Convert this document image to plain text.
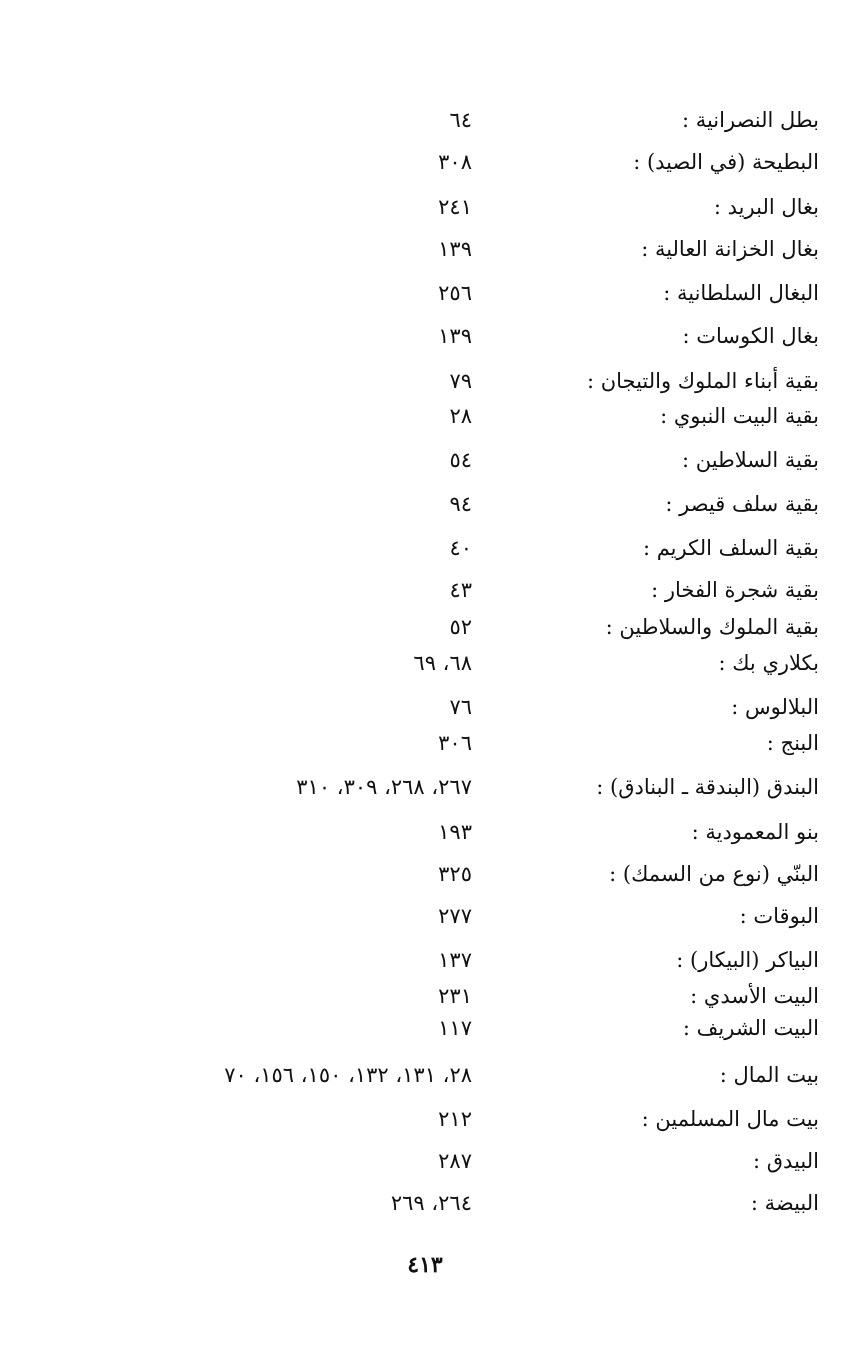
بطل النصرانية :
٦٤
البطيحة (في الصيد) :
٣٠٨
بغال البريد :
٢٤١
بغال الخزانة العالية :
١٣٩
البغال السلطانية :
٢٥٦
بغال الكوسات :
١٣٩
بقية أبناء الملوك والتيجان :
٧٩
بقية البيت النبوي :
٢٨
بقية السلاطين :
٥٤
بقية سلف قيصر :
٩٤
بقية السلف الكريم :
٤٠
بقية شجرة الفخار :
٤٣
بقية الملوك والسلاطين :
٥٢
بكلاري بك :
٦٨، ٦٩
البلالوس :
٧٦
البنج :
٣٠٦
البندق (البندقة ـ البنادق) :
٢٦٧، ٢٦٨، ٣٠٩، ٣١٠
بنو المعمودية :
١٩٣
البنّي (نوع من السمك) :
٣٢٥
البوقات :
٢٧٧
البياكر (البيكار) :
١٣٧
البيت الأسدي :
٢٣١
البيت الشريف :
١١٧
بيت المال :
٢٨، ١٣١، ١٣٢، ١٥٠، ١٥٦، ٧٠
بيت مال المسلمين :
٢١٢
البيدق :
٢٨٧
البيضة :
٢٦٤، ٢٦٩
٤١٣
